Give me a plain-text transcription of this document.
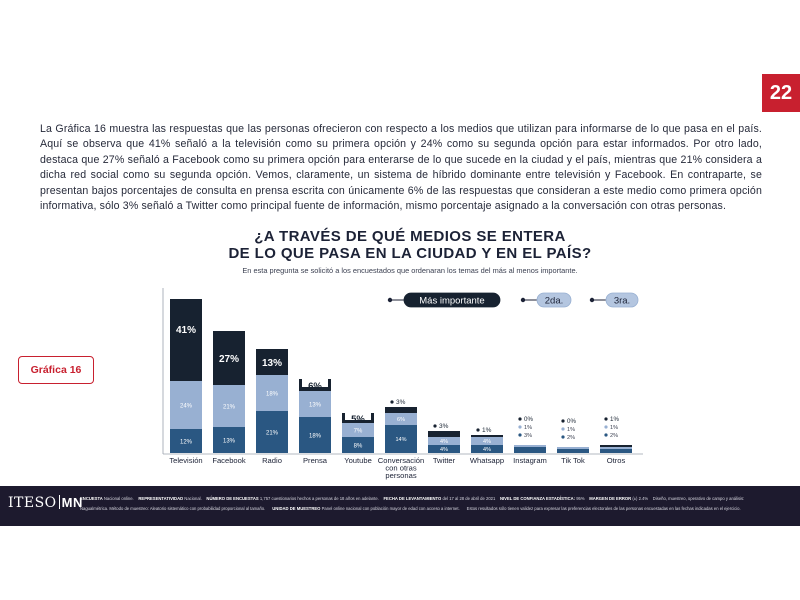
22

La Gráfica 16 muestra las respuestas que las personas ofrecieron con respecto a los medios que utilizan para informarse de lo que pasa en el país. Aquí se observa que 41% señaló a la televisión como su primera opción y 24% como su segunda opción para estar informados. Por otro lado, destaca que 27% señaló a Facebook como su primera opción para enterarse de lo que sucede en la ciudad y el país, mientras que 21% considera a dicha red social como su segunda opción. Vemos, claramente, un sistema de híbrido dominante entre televisión y Facebook. En contraparte, se presentan bajos porcentajes de consulta en prensa escrita con únicamente 6% de las respuestas que consideran a este medio como primera opción informativa, sólo 3% señaló a Twitter como principal fuente de información, mismo porcentaje asignado a la conversación con otras personas.

¿A TRAVÉS DE QUÉ MEDIOS SE ENTERA
DE LO QUE PASA EN LA CIUDAD Y EN EL PAÍS?
En esta pregunta se solicitó a los encuestados que ordenaran los temas del más al menos importante.
Gráfica 16
Más importante	2da.	3ra.
41%
24%
12%
Televisión
27%
21%
13%
Facebook
13%
18%
21%
Radio
6%
13%
18%
Prensa
5%
7%
8%
Youtube
6%
14%
3%
Conversación
con otras
personas
4%
4%
3%
Twitter
4%
4%
1%
Whatsapp
0%
1%
3%
Instagram
0%
1%
2%
Tik Tok
1%
1%
2%
Otros
ITESO MN
ENCUESTA Nacional online. REPRESENTATIVIDAD Nacional. NÚMERO DE ENCUESTAS 1,757 cuestionarios hechos a personas de 18 años en adelante. FECHA DE LEVANTAMIENTO del 17 al 28 de abril de 2021 NIVEL DE CONFIANZA ESTADÍSTICA: 95% MARGEN DE ERROR (±) 2.4% Diseño, muestreo, operativo de campo y análisis:
Nagualmétrica. Método de muestreo: Aleatorio sistemático con probabilidad proporcional al tamaño. UNIDAD DE MUESTREO Panel online nacional con población mayor de edad con acceso a internet. Estos resultados sólo tienen validez para expresar las preferencias electorales de las personas encuestadas en las fechas indicadas en el ejercicio.
